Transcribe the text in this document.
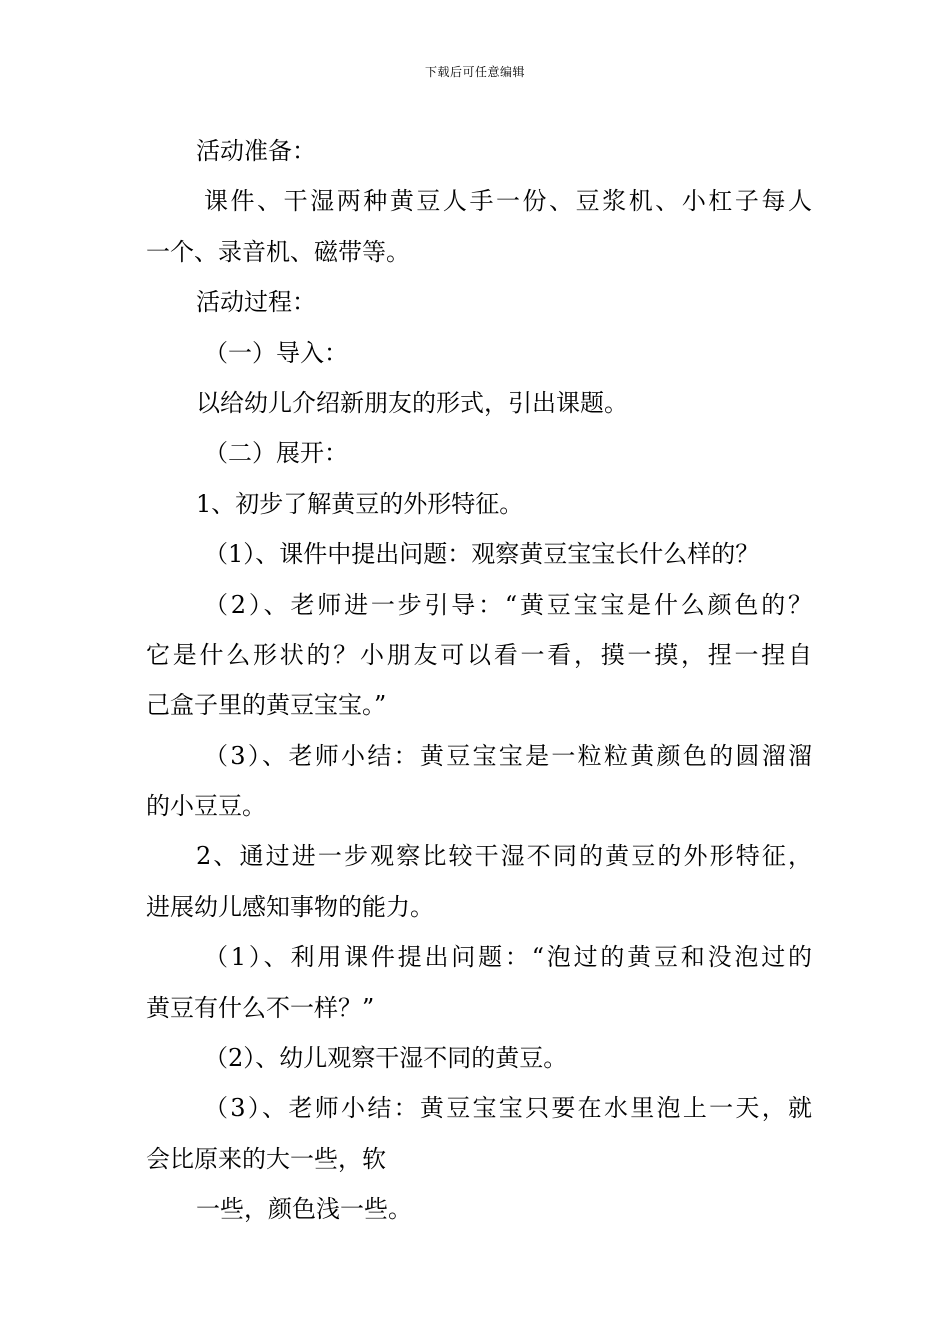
下载后可任意编辑
活动准备：
课件、干湿两种黄豆人手一份、豆浆机、小杠子每人
一个、录音机、磁带等。
活动过程：
（一）导入：
以给幼儿介绍新朋友的形式，引出课题。
（二）展开：
1、初步了解黄豆的外形特征。
（1）、课件中提出问题：观察黄豆宝宝长什么样的？
（2）、老师进一步引导：“黄豆宝宝是什么颜色的？
它是什么形状的？小朋友可以看一看，摸一摸，捏一捏自
己盒子里的黄豆宝宝。”
（3）、老师小结：黄豆宝宝是一粒粒黄颜色的圆溜溜
的小豆豆。
2、通过进一步观察比较干湿不同的黄豆的外形特征，
进展幼儿感知事物的能力。
（1）、利用课件提出问题：“泡过的黄豆和没泡过的
黄豆有什么不一样？”
（2）、幼儿观察干湿不同的黄豆。
（3）、老师小结：黄豆宝宝只要在水里泡上一天，就
会比原来的大一些，软
一些，颜色浅一些。
